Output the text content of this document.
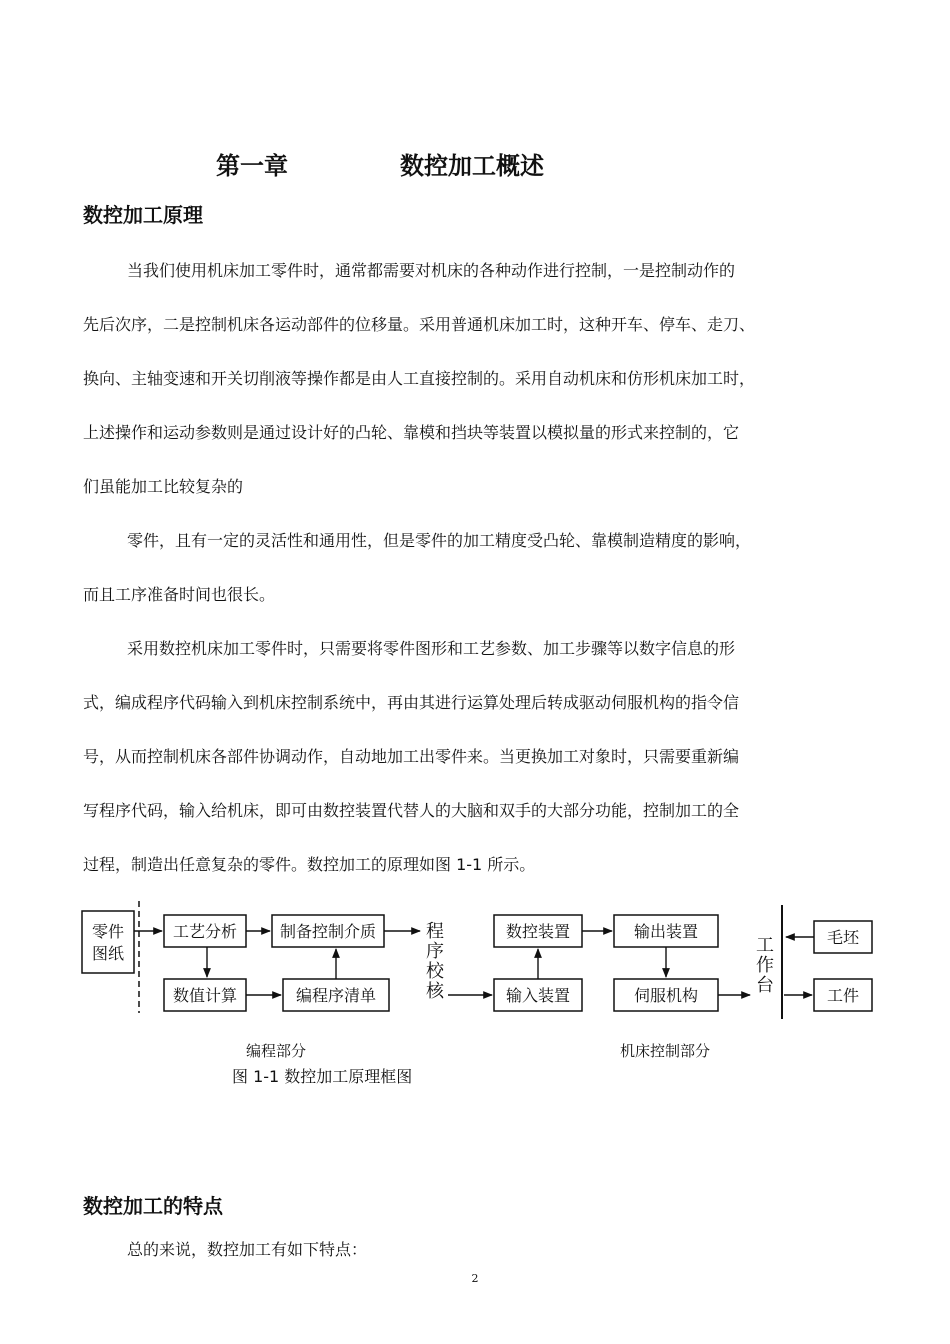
第一章	数控加工概述
数控加工原理

当我们使用机床加工零件时，通常都需要对机床的各种动作进行控制，一是控制动作的

先后次序，二是控制机床各运动部件的位移量。采用普通机床加工时，这种开车、停车、走刀、

换向、主轴变速和开关切削液等操作都是由人工直接控制的。采用自动机床和仿形机床加工时，

上述操作和运动参数则是通过设计好的凸轮、靠模和挡块等装置以模拟量的形式来控制的，它

们虽能加工比较复杂的

零件，且有一定的灵活性和通用性，但是零件的加工精度受凸轮、靠模制造精度的影响，

而且工序准备时间也很长。

采用数控机床加工零件时，只需要将零件图形和工艺参数、加工步骤等以数字信息的形

式，编成程序代码输入到机床控制系统中，再由其进行运算处理后转成驱动伺服机构的指令信

号，从而控制机床各部件协调动作，自动地加工出零件来。当更换加工对象时，只需要重新编

写程序代码，输入给机床，即可由数控装置代替人的大脑和双手的大部分功能，控制加工的全

过程，制造出任意复杂的零件。数控加工的原理如图 1-1 所示。

零件
图纸
工艺分析	制备控制介质
数值计算	编程序清单
数控装置	输出装置
输入装置	伺服机构
毛坯
工件
程
序
校
核
工
作
台
编程部分	机床控制部分
图 1-1 数控加工原理框图
数控加工的特点

总的来说，数控加工有如下特点：

2
